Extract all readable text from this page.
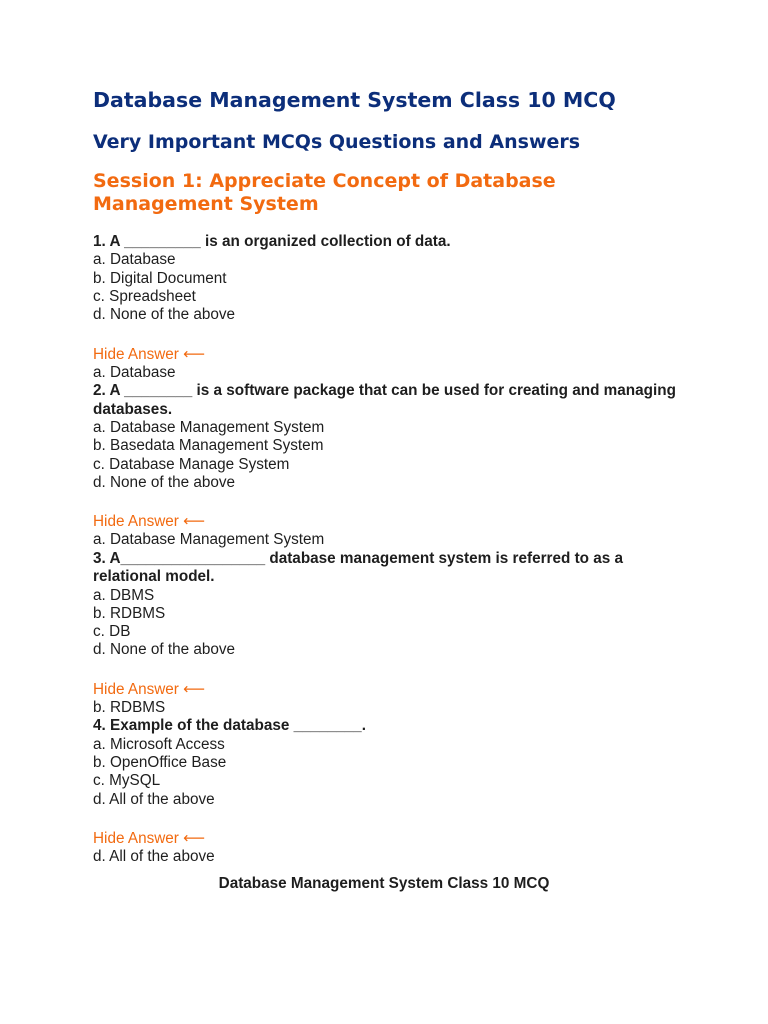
Database Management System Class 10 MCQ
Very Important MCQs Questions and Answers
Session 1: Appreciate Concept of Database Management System
1. A _________ is an organized collection of data.
a. Database
b. Digital Document
c. Spreadsheet
d. None of the above
Hide Answer ⟵
a. Database
2. A ________ is a software package that can be used for creating and managing databases.
a. Database Management System
b. Basedata Management System
c. Database Manage System
d. None of the above
Hide Answer ⟵
a. Database Management System
3. A_________________ database management system is referred to as a relational model.
a. DBMS
b. RDBMS
c. DB
d. None of the above
Hide Answer ⟵
b. RDBMS
4. Example of the database ________.
a. Microsoft Access
b. OpenOffice Base
c. MySQL
d. All of the above
Hide Answer ⟵
d. All of the above
Database Management System Class 10 MCQ
